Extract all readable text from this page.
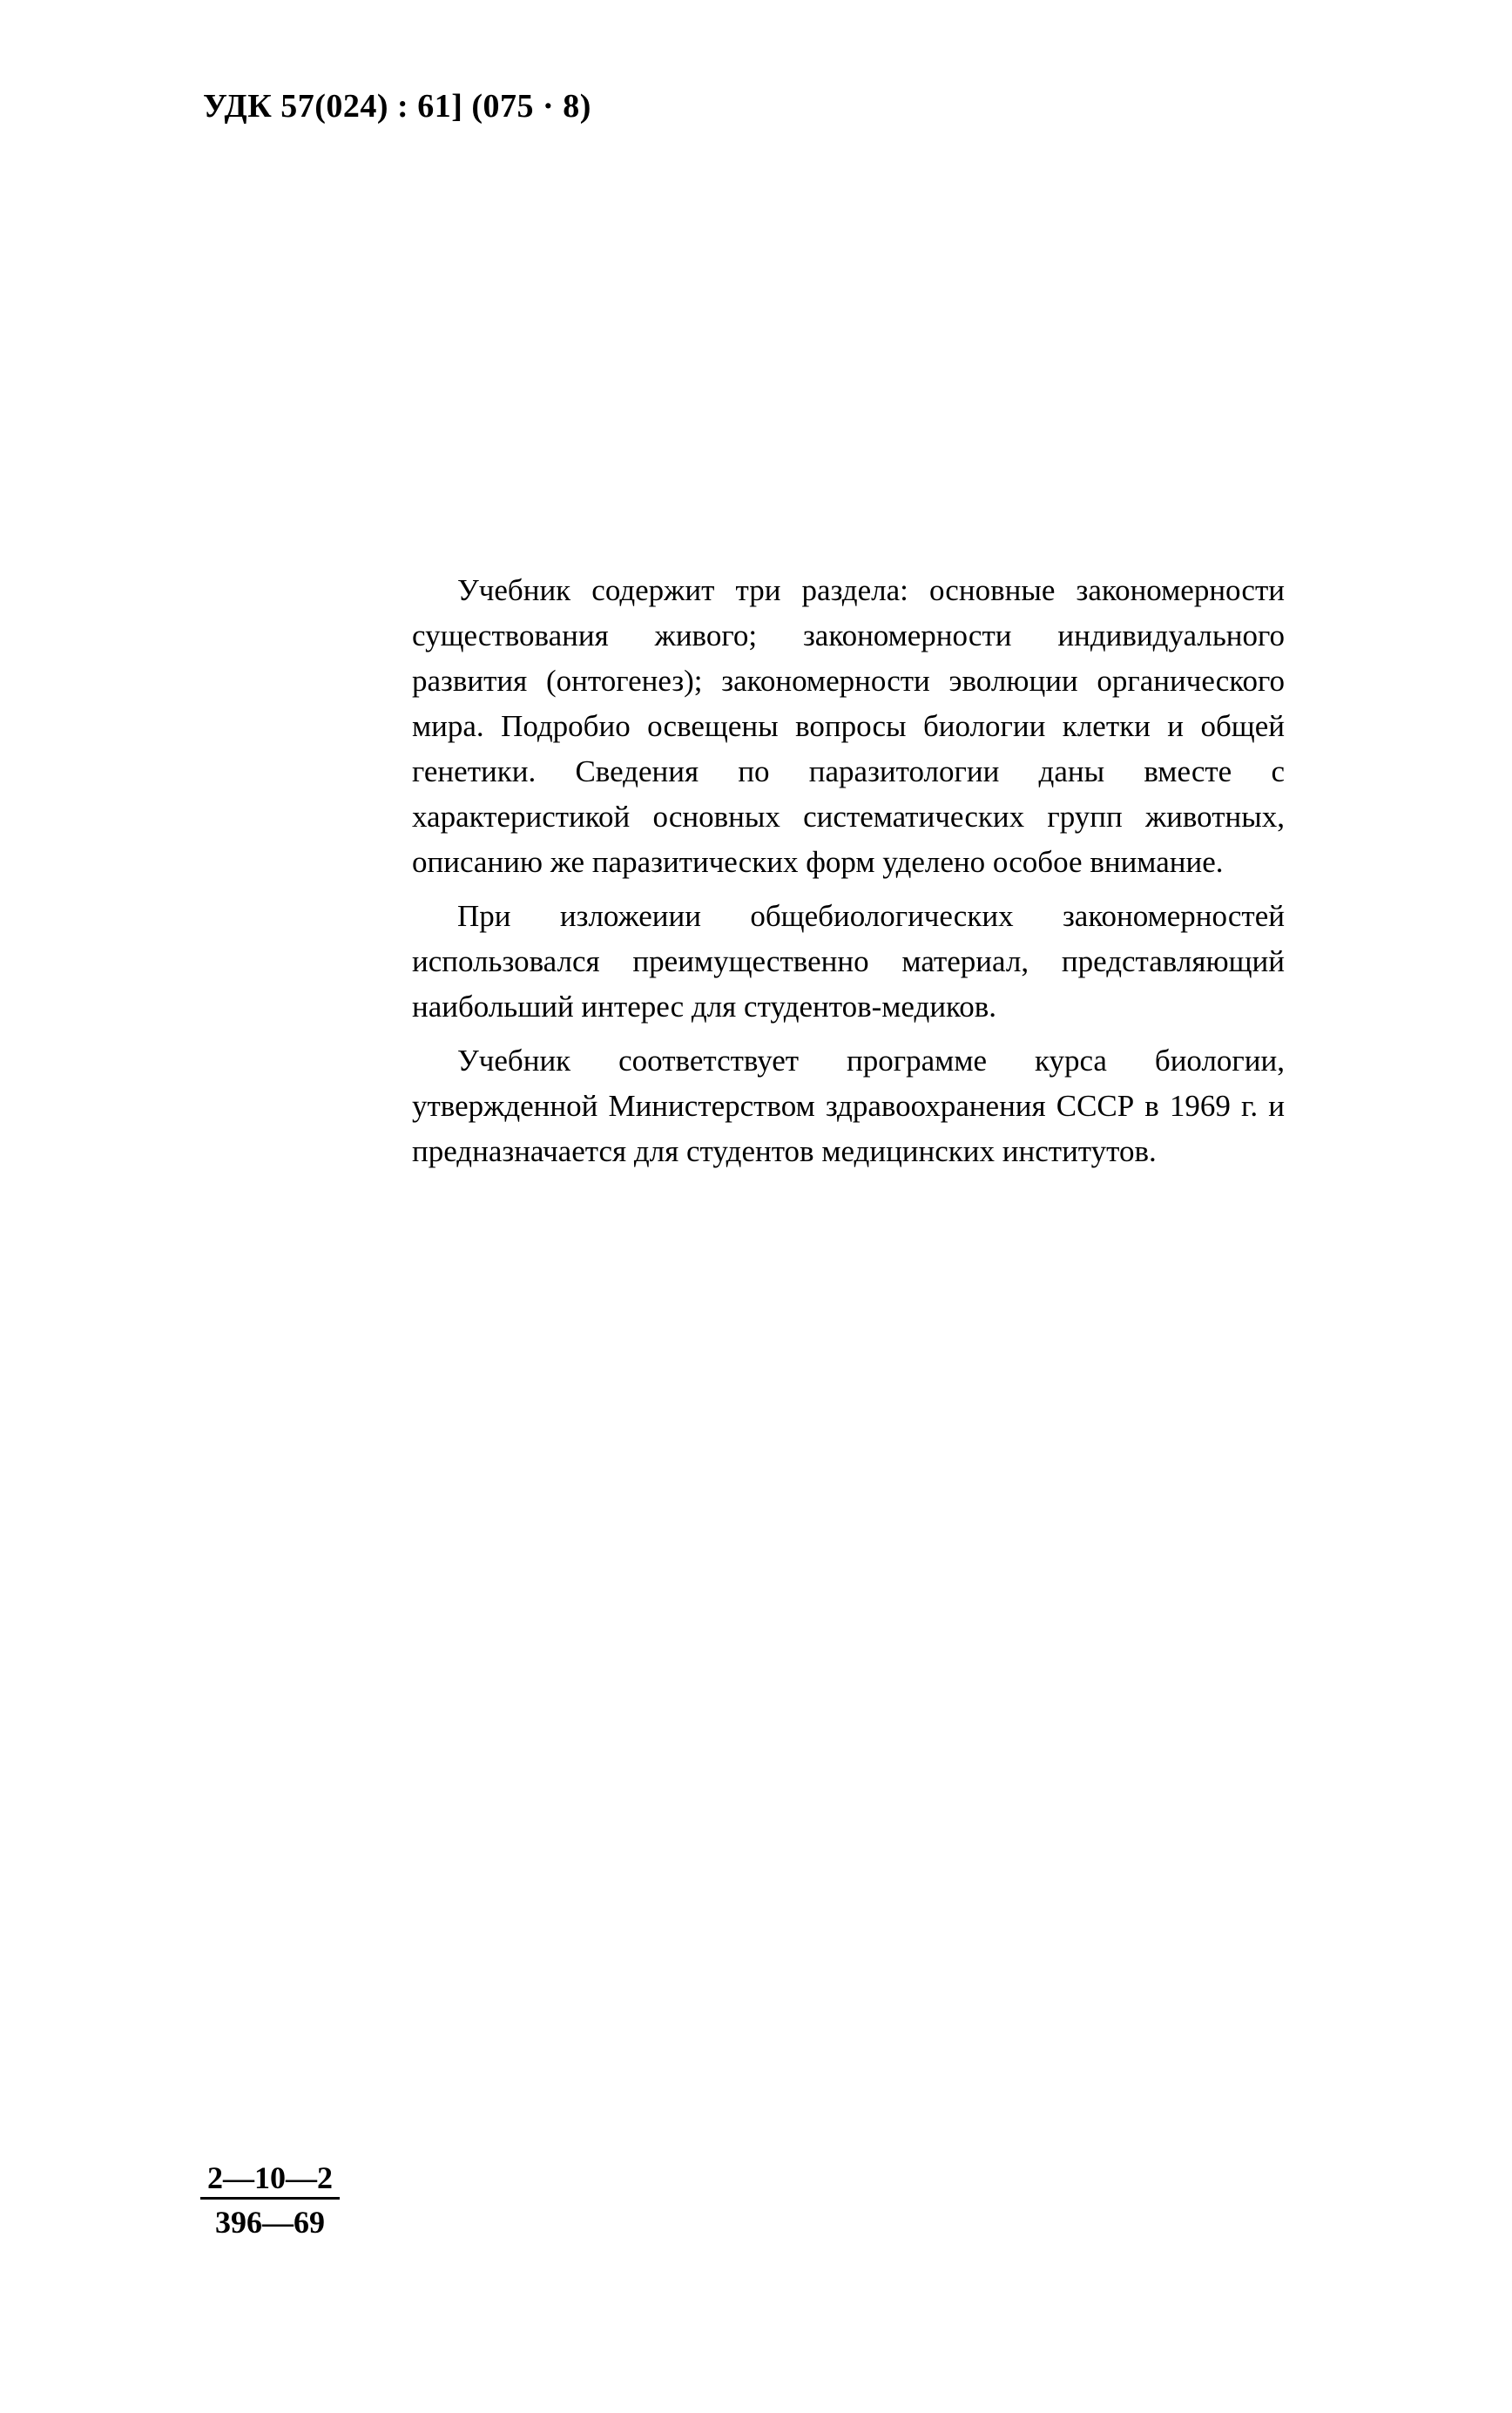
УДК 57(024) : 61] (075 · 8)

Учебник содержит три раздела: основные закономерности существования живого; закономерности индивидуального развития (онтогенез); закономерности эволюции органического мира. Подробио освещены вопросы биологии клетки и общей генетики. Сведения по паразитологии даны вместе с характеристикой основных систематических групп животных, описанию же паразитических форм уделено особое внимание.

При изложеиии общебиологических закономерностей использовался преимущественно материал, представляющий наибольший интерес для студентов-медиков.

Учебник соответствует программе курса биологии, утвержденной Министерством здравоохранения СССР в 1969 г. и предназначается для студентов медицинских институтов.

$\frac{2—10—2}{396—69}$
